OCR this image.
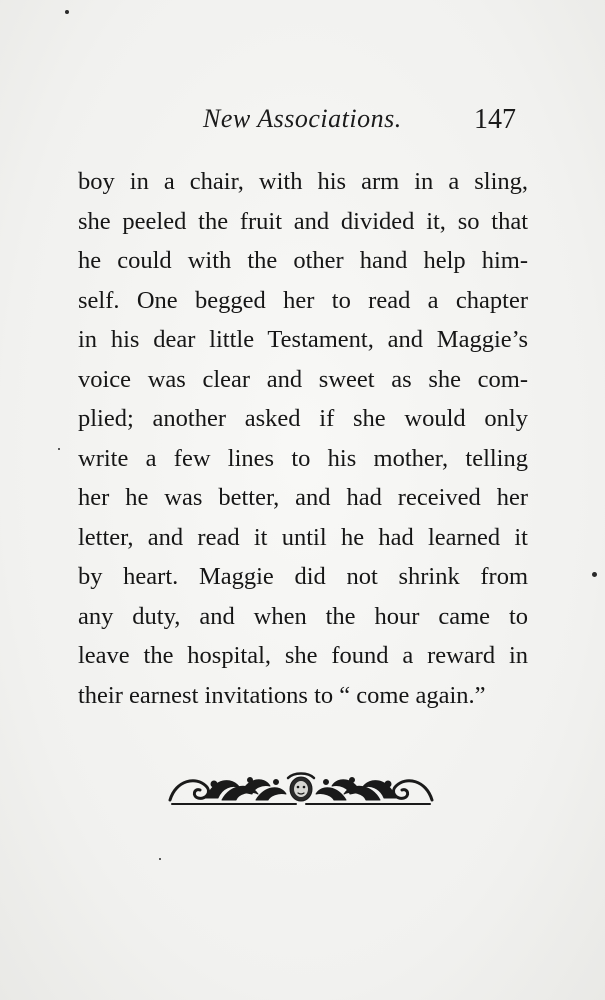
New Associations.	147
boy in a chair, with his arm in a sling,
she peeled the fruit and divided it, so that
he could with the other hand help him-
self. One begged her to read a chapter
in his dear little Testament, and Maggie’s
voice was clear and sweet as she com-
plied; another asked if she would only
write a few lines to his mother, telling
her he was better, and had received her
letter, and read it until he had learned it
by heart. Maggie did not shrink from
any duty, and when the hour came to
leave the hospital, she found a reward in
their earnest invitations to “ come again.”
